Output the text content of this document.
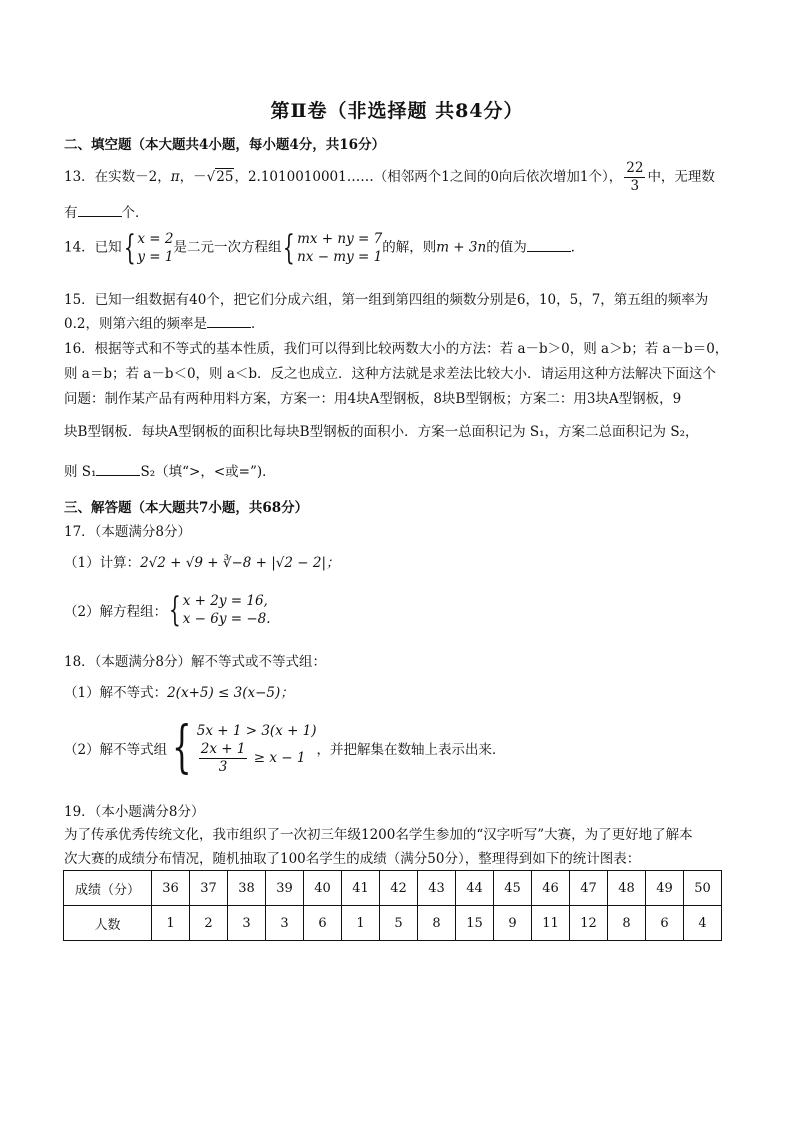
第Ⅱ卷（非选择题 共84分）
二、填空题（本大题共4小题，每小题4分，共16分）
13．在实数－2，π，－√25，2.1010010001……（相邻两个1之间的0向后依次增加1个）， $\frac{22}{3}$ 中，无理数
有	个．
14．已知{ x = 2
y = 1是二元一次方程组{ mx + ny = 7
nx − my = 1的解，则m + 3n的值为	．
15．已知一组数据有40个，把它们分成六组，第一组到第四组的频数分别是6，10，5，7，第五组的频率为
0.2，则第六组的频率是	．
16．根据等式和不等式的基本性质，我们可以得到比较两数大小的方法：若 a－b＞0，则 a＞b；若 a－b＝0，
则 a＝b；若 a－b＜0，则 a＜b．反之也成立．这种方法就是求差法比较大小．请运用这种方法解决下面这个
问题：制作某产品有两种用料方案，方案一：用4块A型钢板，8块B型钢板；方案二：用3块A型钢板，9
块B型钢板．每块A型钢板的面积比每块B型钢板的面积小．方案一总面积记为 S₁，方案二总面积记为 S₂，
则 S₁	S₂（填“>，<或=”)．
三、解答题（本大题共7小题，共68分）
17．（本题满分8分）
（1）计算：2√2 + √9 + ∛−8 + |√2 − 2|；
（2）解方程组：{ x + 2y = 16,
x − 6y = −8.
18．（本题满分8分）解不等式或不等式组：
（1）解不等式：2(x+5) ≤ 3(x−5)；
（2）解不等式组{ 5x + 1 > 3(x + 1)

$\frac{2x + 1}{3} \ge x - 1$ ，并把解集在数轴上表示出来．
19．（本小题满分8分）
为了传承优秀传统文化，我市组织了一次初三年级1200名学生参加的“汉字听写”大赛，为了更好地了解本
次大赛的成绩分布情况，随机抽取了100名学生的成绩（满分50分），整理得到如下的统计图表：
成绩（分）	36	37	38	39	40	41	42	43	44	45	46	47	48	49	50
人数	1	2	3	3	6	1	5	8	15	9	11	12	8	6	4
